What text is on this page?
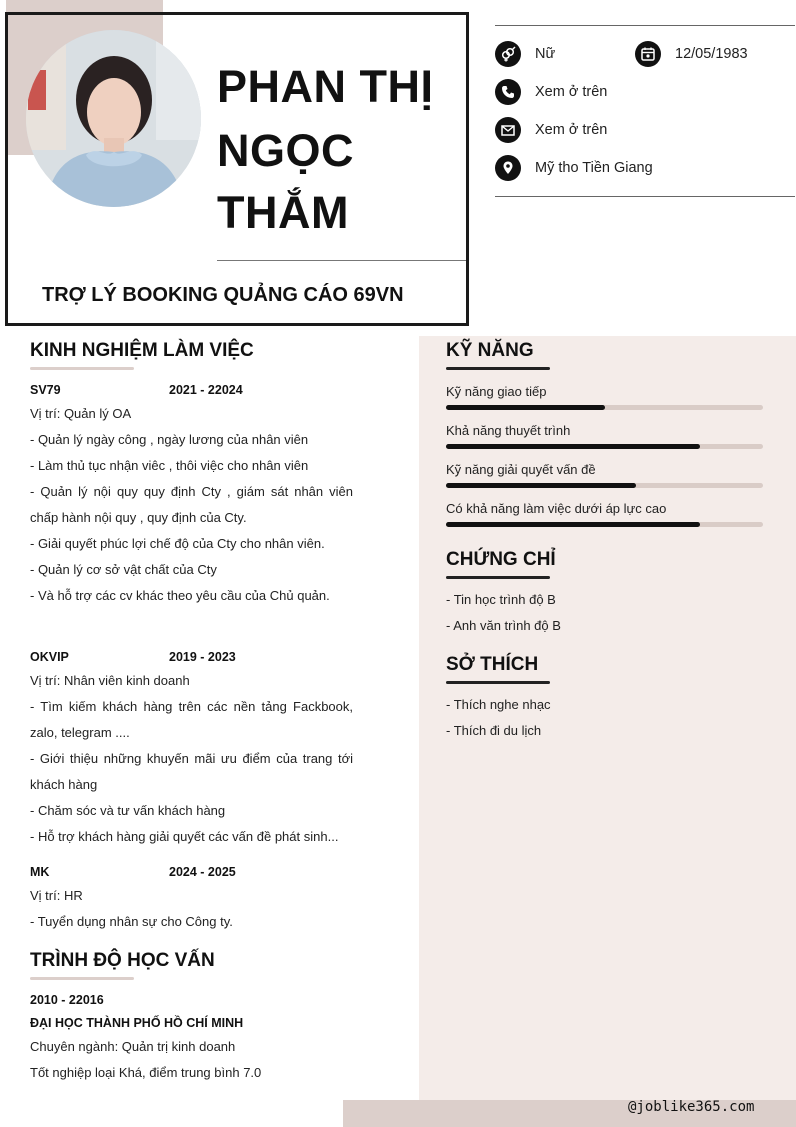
PHAN THỊ
NGỌC
THẮM
TRỢ LÝ BOOKING QUẢNG CÁO 69VN
Nữ	12/05/1983
Xem ở trên
Xem ở trên
Mỹ tho Tiền Giang
KINH NGHIỆM LÀM VIỆC
SV79	2021 - 22024
Vị trí: Quản lý OA
- Quản lý ngày công , ngày lương của nhân viên
- Làm thủ tục nhận viêc , thôi việc cho nhân viên
- Quản lý nội quy quy định Cty , giám sát nhân viên chấp hành nội quy , quy định của Cty.
- Giải quyết phúc lợi chế độ của Cty cho nhân viên.
- Quản lý cơ sở vật chất của Cty
- Và hỗ trợ các cv khác theo yêu cầu của Chủ quản.
OKVIP	2019 - 2023
Vị trí: Nhân viên kinh doanh
- Tìm kiếm khách hàng trên các nền tảng Fackbook, zalo, telegram ....
- Giới thiệu những khuyến mãi ưu điểm của trang tới khách hàng
- Chăm sóc và tư vấn khách hàng
- Hỗ trợ khách hàng giải quyết các vấn đề phát sinh...
MK	2024 - 2025
Vị trí: HR
- Tuyển dụng nhân sự cho Công ty.
TRÌNH ĐỘ HỌC VẤN
2010 - 22016
ĐẠI HỌC THÀNH PHỐ HỒ CHÍ MINH
Chuyên ngành: Quản trị kinh doanh
Tốt nghiệp loại Khá, điểm trung bình 7.0
KỸ NĂNG
Kỹ năng giao tiếp
Khả năng thuyết trình
Kỹ năng giải quyết vấn đề
Có khả năng làm việc dưới áp lực cao
CHỨNG CHỈ
- Tin học trình độ B
- Anh văn trình độ B
SỞ THÍCH
- Thích nghe nhạc
- Thích đi du lịch
@joblike365.com
